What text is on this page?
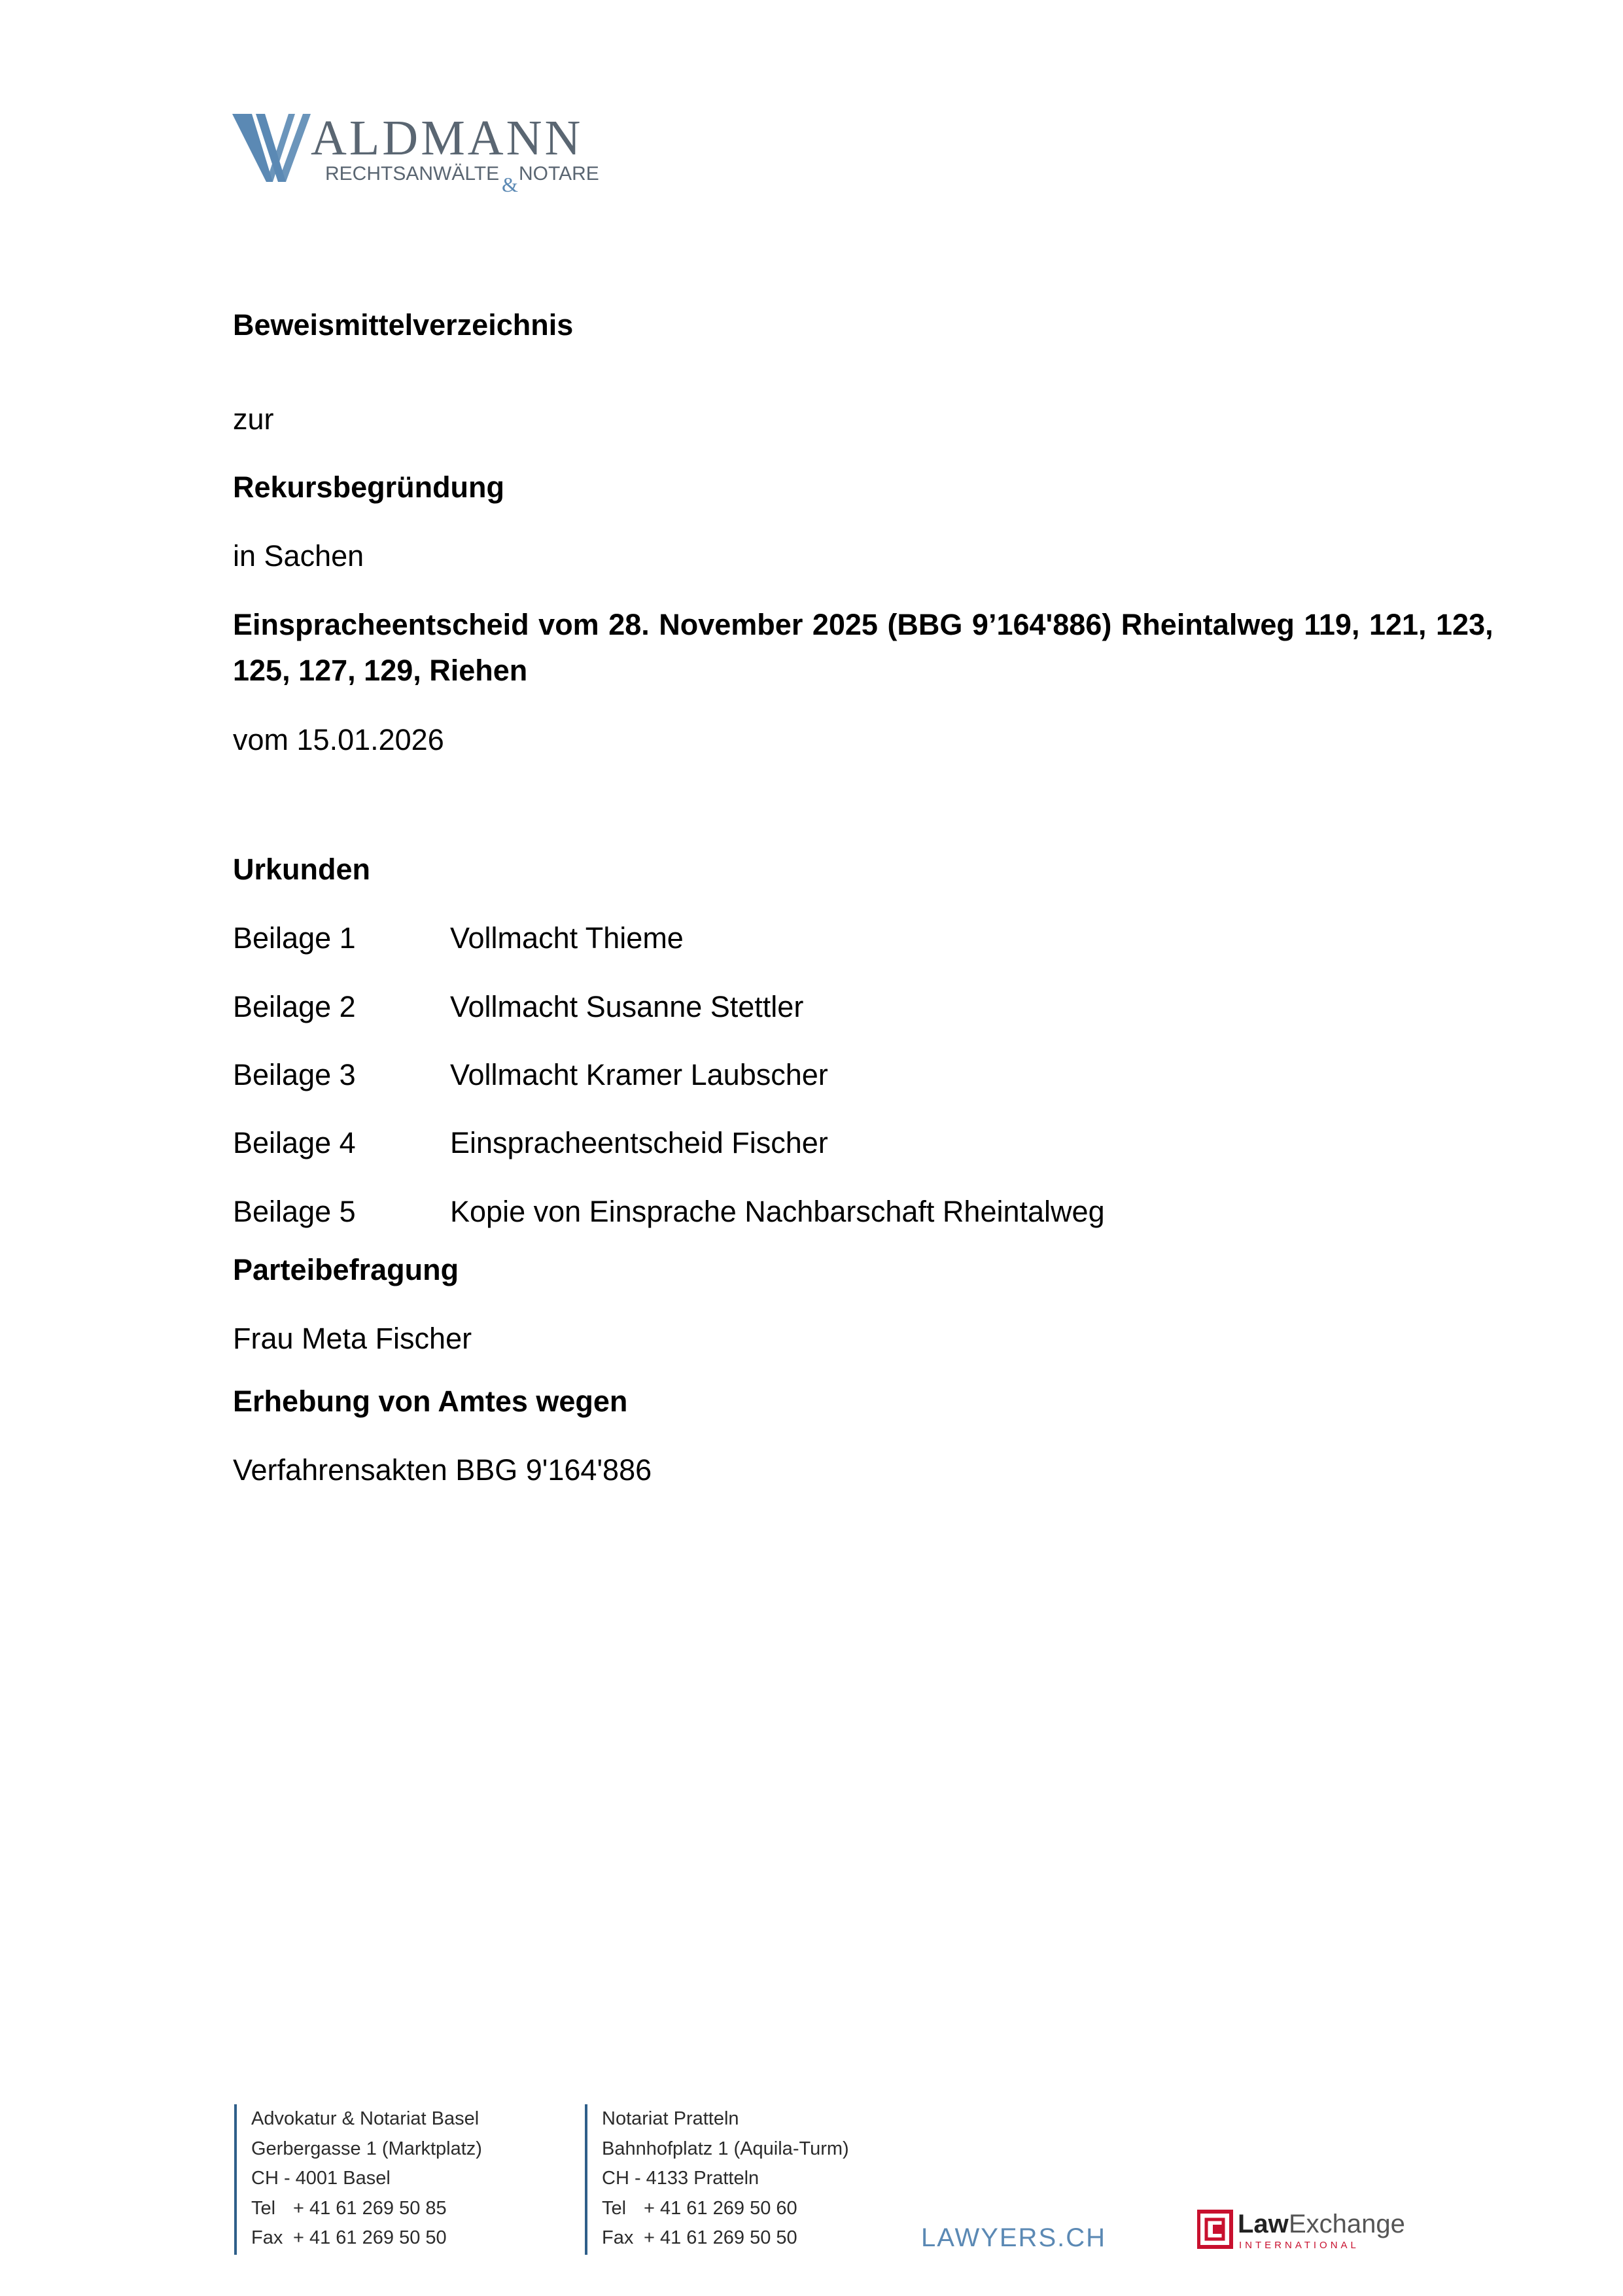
ALDMANN
RECHTSANWÄLTE & NOTARE
Beweismittelverzeichnis
zur
Rekursbegründung
in Sachen
Einspracheentscheid vom 28. November 2025 (BBG 9’164'886) Rheintalweg 119, 121, 123,
125, 127, 129, Riehen
vom 15.01.2026
Urkunden
Beilage 1	Vollmacht Thieme
Beilage 2	Vollmacht Susanne Stettler
Beilage 3	Vollmacht Kramer Laubscher
Beilage 4	Einspracheentscheid Fischer
Beilage 5	Kopie von Einsprache Nachbarschaft Rheintalweg
Parteibefragung
Frau Meta Fischer
Erhebung von Amtes wegen
Verfahrensakten BBG 9'164'886
Advokatur & Notariat Basel
Gerbergasse 1 (Marktplatz)
CH - 4001 Basel
Tel + 41 61 269 50 85
Fax + 41 61 269 50 50
Notariat Pratteln
Bahnhofplatz 1 (Aquila-Turm)
CH - 4133 Pratteln
Tel + 41 61 269 50 60
Fax + 41 61 269 50 50	LAWYERS.CH	Law Exchange
INTERNATIONAL
